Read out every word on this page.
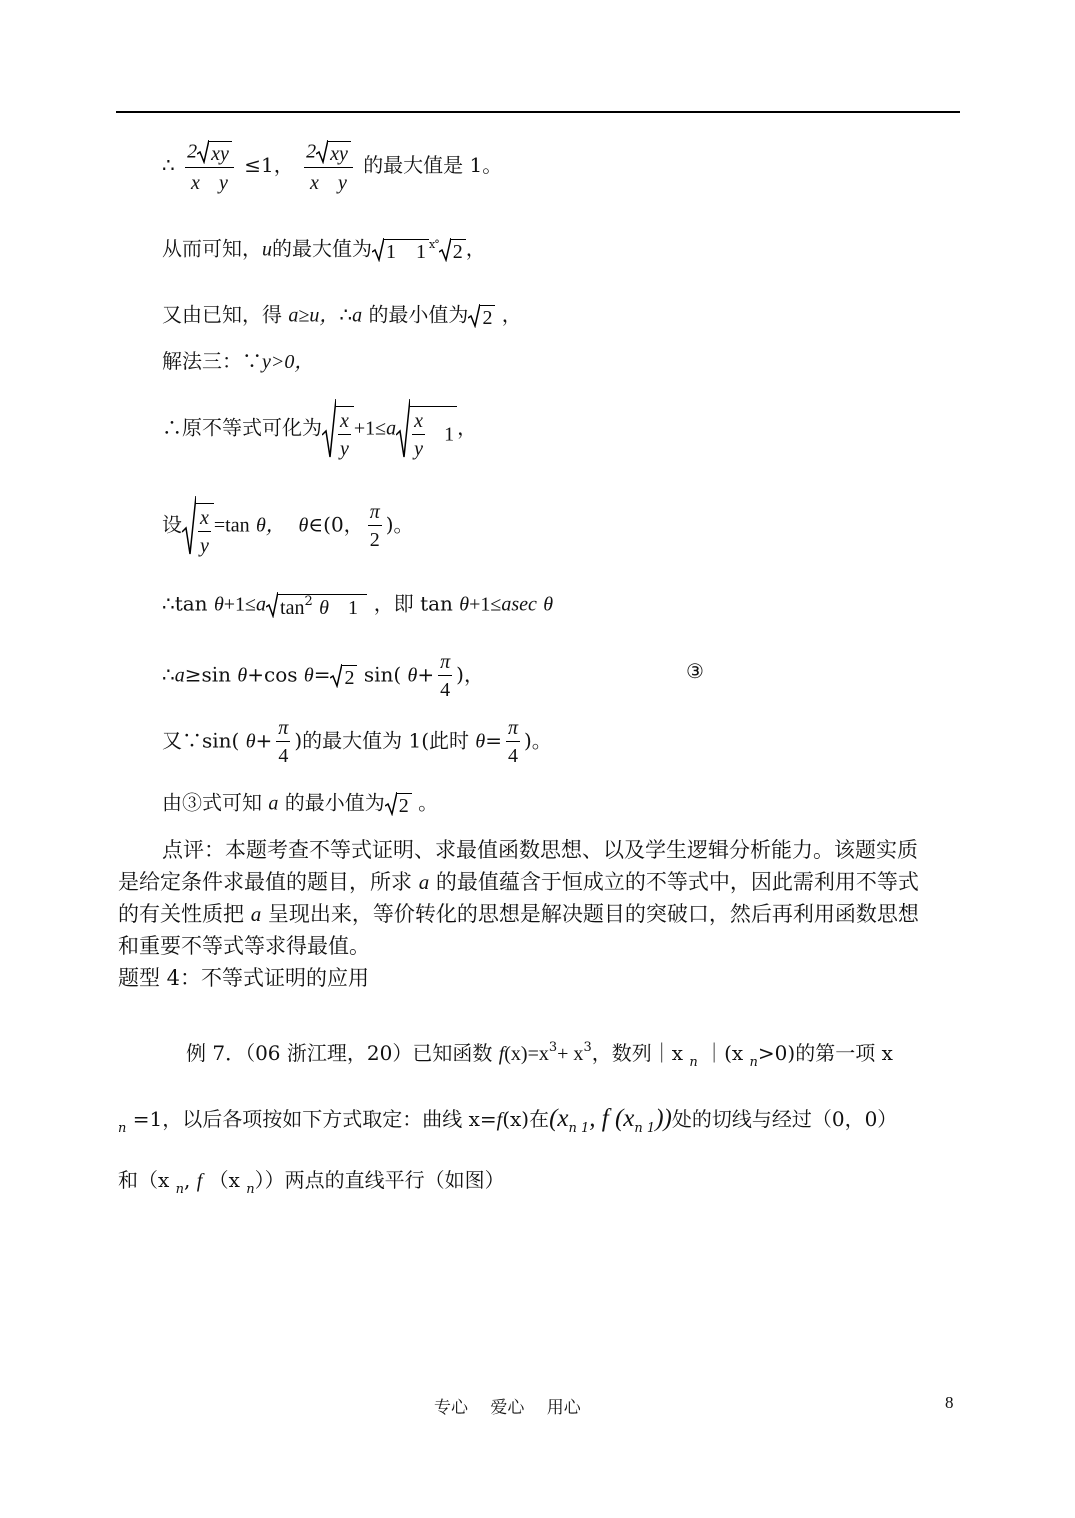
∴ $\frac{2 xy}{\text{x y}} \le 1$， $\frac{2 xy}{\text{x y}}$ 的最大值是 1。
从而可知，u的最大值为 1　1 $^{x^\circ}$ 2 ，
又由已知，得 a≥u，∴a 的最小值为 2 ，
解法三：∵y>0，
∴原不等式可化为 $\frac{x}{y} +1\le a \frac{x}{y} 1$ ，
设 $\frac{x}{y} =\tan$ θ， θ∈(0， $\frac{\pi}{2}$ )。
∴tan θ+1≤a $\tan^2 \theta$ 1 ，即 tan θ+1≤asec θ
∴a≥sin θ+cos θ= 2 sin( $\theta+ \frac{\pi}{4}$ )，	③
又∵sin( $\theta+ \frac{\pi}{4}$ )的最大值为 1(此时 $\theta= \frac{\pi}{4}$ )。
由③式可知 a 的最小值为 2 。
点评：本题考查不等式证明、求最值函数思想、以及学生逻辑分析能力。该题实质
是给定条件求最值的题目，所求 a 的最值蕴含于恒成立的不等式中，因此需利用不等式
的有关性质把 a 呈现出来，等价转化的思想是解决题目的突破口，然后再利用函数思想
和重要不等式等求得最值。
题型 4：不等式证明的应用
例 7．（06 浙江理，20）已知函数 $f(x)=x^3+ x^3$，数列｜x $_n$ ｜(x $_n$>0)的第一项 x
$_n$ =1，以后各项按如下方式取定：曲线 x=f(x)在($x_{n 1}$, f $(x_{n 1})$)处的切线与经过（0，0）
和（x $_n$, f （x $_n$））两点的直线平行（如图）
专心　 爱心　 用心	8
